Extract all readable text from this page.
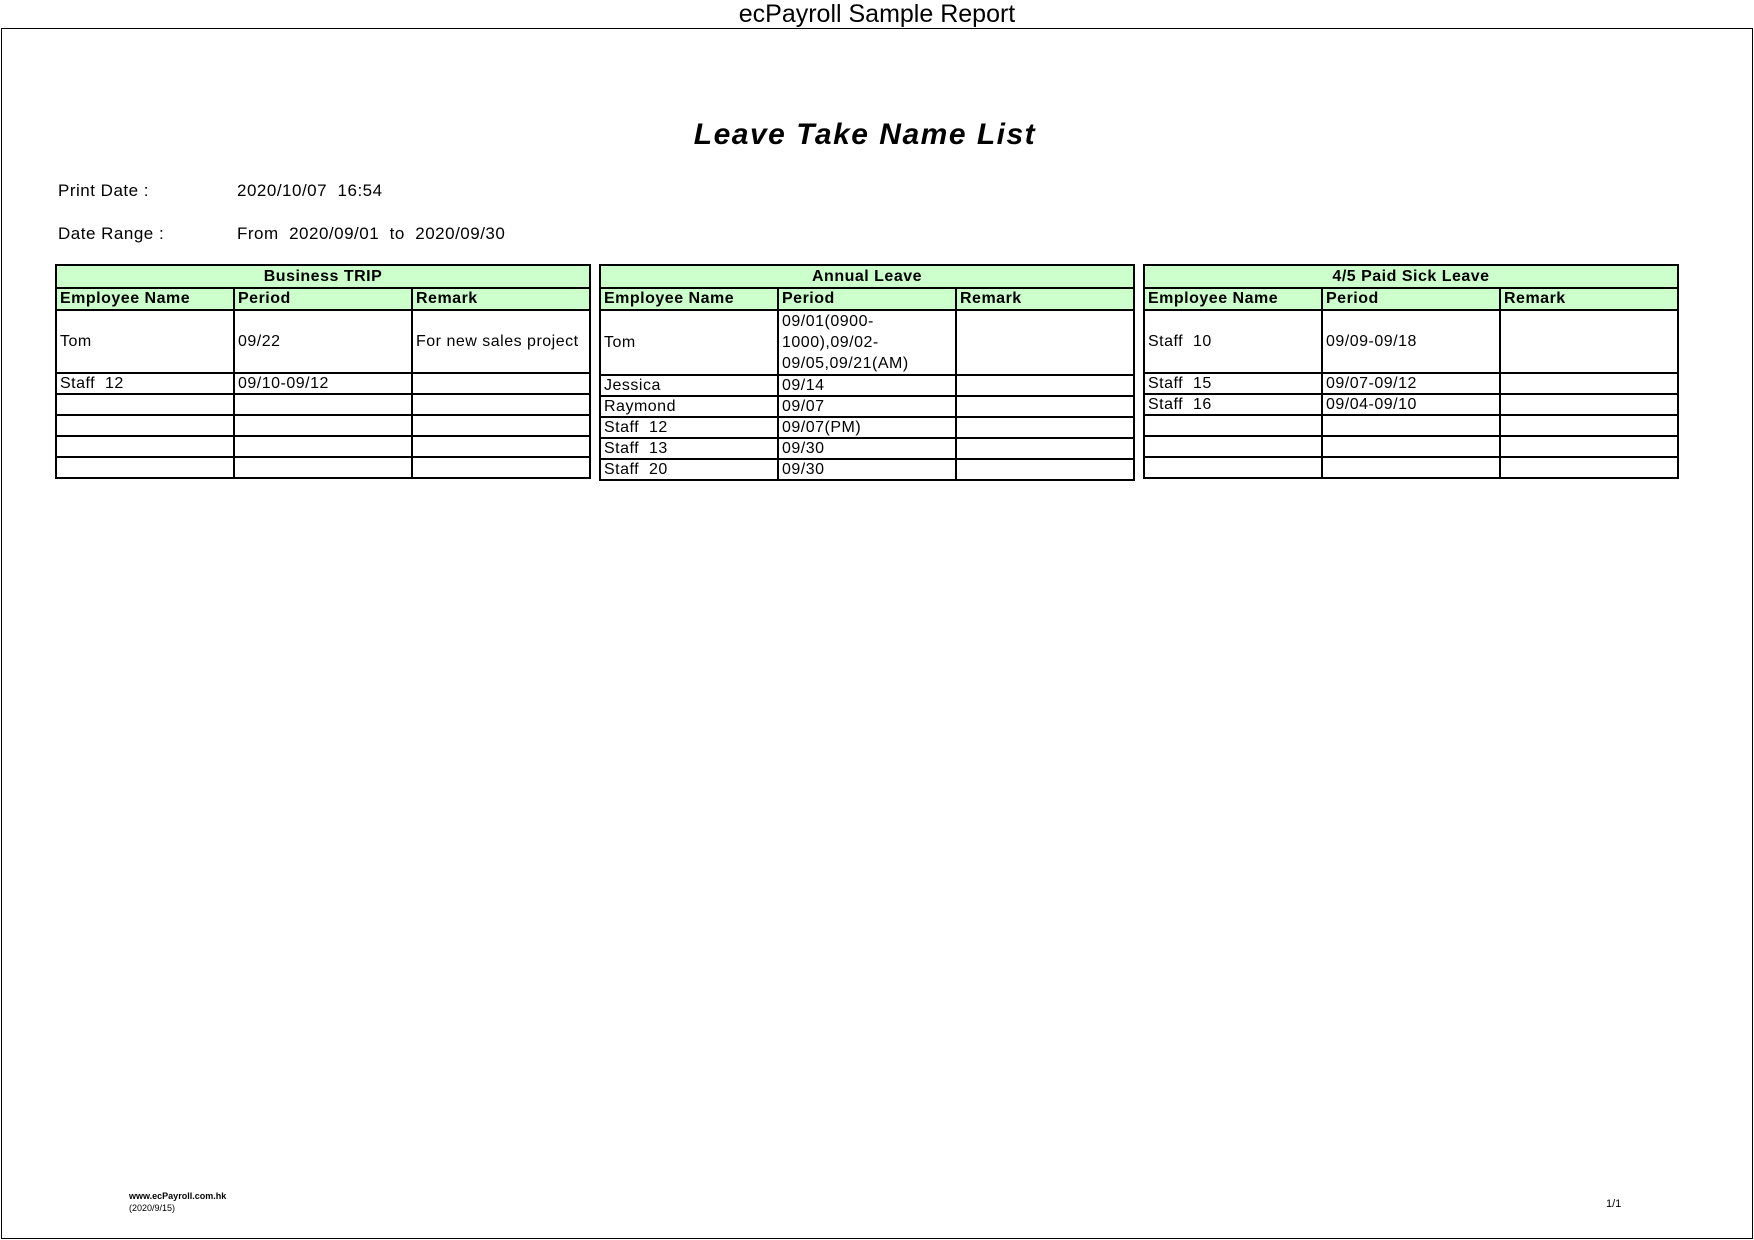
ecPayroll Sample Report
Leave Take Name List
Print Date :	2020/10/07  16:54
Date Range :	From  2020/09/01  to  2020/09/30
Business TRIP		
Employee Name	Period	Remark
Tom	09/22	For new sales project
Staff  12	09/10-09/12	

Annual Leave		
Employee Name	Period	Remark
Tom	09/01(0900-1000),09/02-09/05,09/21(AM)	
Jessica	09/14	
Raymond	09/07	
Staff  12	09/07(PM)	
Staff  13	09/30	
Staff  20	09/30	
4/5 Paid Sick Leave		
Employee Name	Period	Remark
Staff  10	09/09-09/18	
Staff  15	09/07-09/12	
Staff  16	09/04-09/10	

www.ecPayroll.com.hk
(2020/9/15)	1/1
